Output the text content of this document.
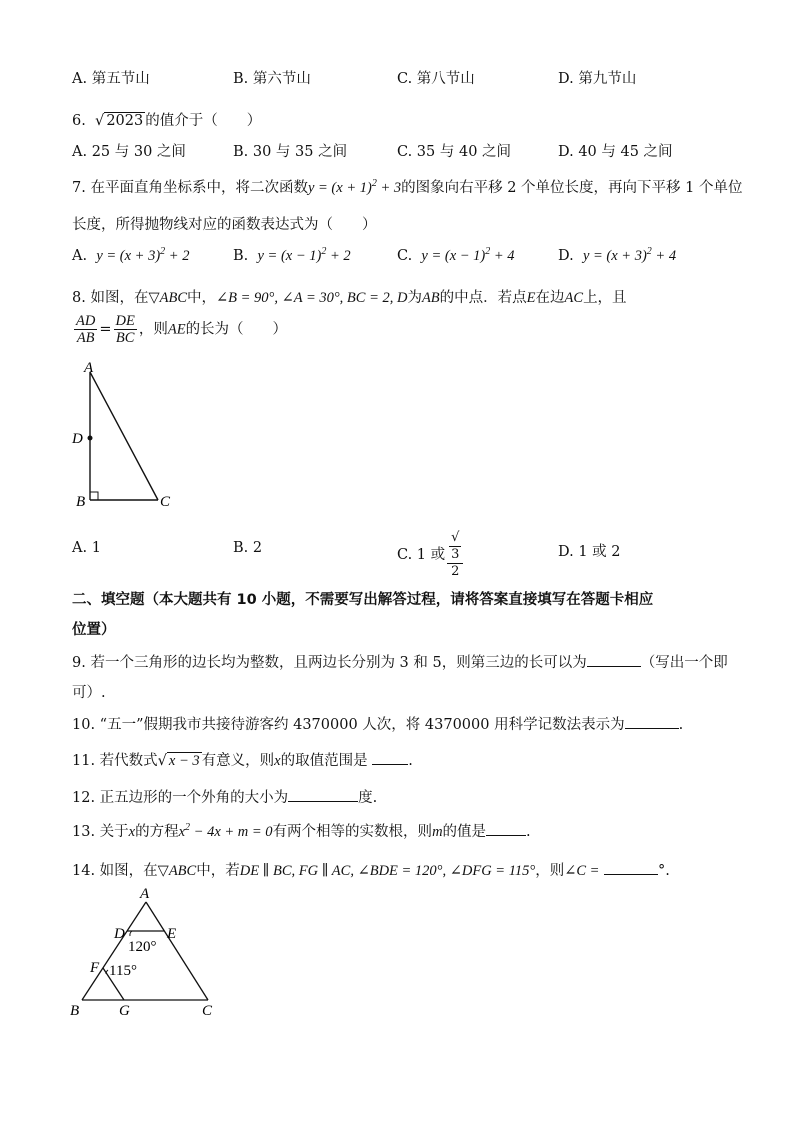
A. 第五节山	B. 第六节山	C. 第八节山	D. 第九节山
6.  √ 2023 的值介于（　　）
A. 25 与 30 之间	B. 30 与 35 之间	C. 35 与 40 之间	D. 40 与 45 之间
7. 在平面直角坐标系中，将二次函数$y = (x + 1)^2 + 3$的图象向右平移 2 个单位长度，再向下平移 1 个单位
长度，所得抛物线对应的函数表达式为（　　）
A. $y = (x + 3)^2 + 2$	B. $y = (x - 1)^2 + 2$	C. $y = (x - 1)^2 + 4$	D. $y = (x + 3)^2 + 4$
8. 如图，在▽ABC中，∠B = 90°, ∠A = 30°, BC = 2, D为AB的中点．若点E在边AC上，且
$\frac{AD}{AB} = \frac{DE}{BC}$ ，则AE的长为（　　）
A
D
B	C
A. 1	B. 2	C. 1 或 √
3
2	D. 1 或 2
二、填空题（本大题共有 10 小题，不需要写出解答过程，请将答案直接填写在答题卡相应
位置）
9. 若一个三角形的边长均为整数，且两边长分别为 3 和 5，则第三边的长可以为	（写出一个即
可）.
10. “五一”假期我市共接待游客约 4370000 人次，将 4370000 用科学记数法表示为	.
11. 若代数式√ x − 3 有意义，则x的取值范围是	.
12. 正五边形的一个外角的大小为	度.
13. 关于x的方程$x^2 - 4x + m = 0$有两个相等的实数根，则m的值是	.
14. 如图，在▽ABC中，若DE ∥ BC, FG ∥ AC, ∠BDE = 120°, ∠DFG = 115°，则∠C =	°.
A
D	E
F
B	G	C
120°
115°
